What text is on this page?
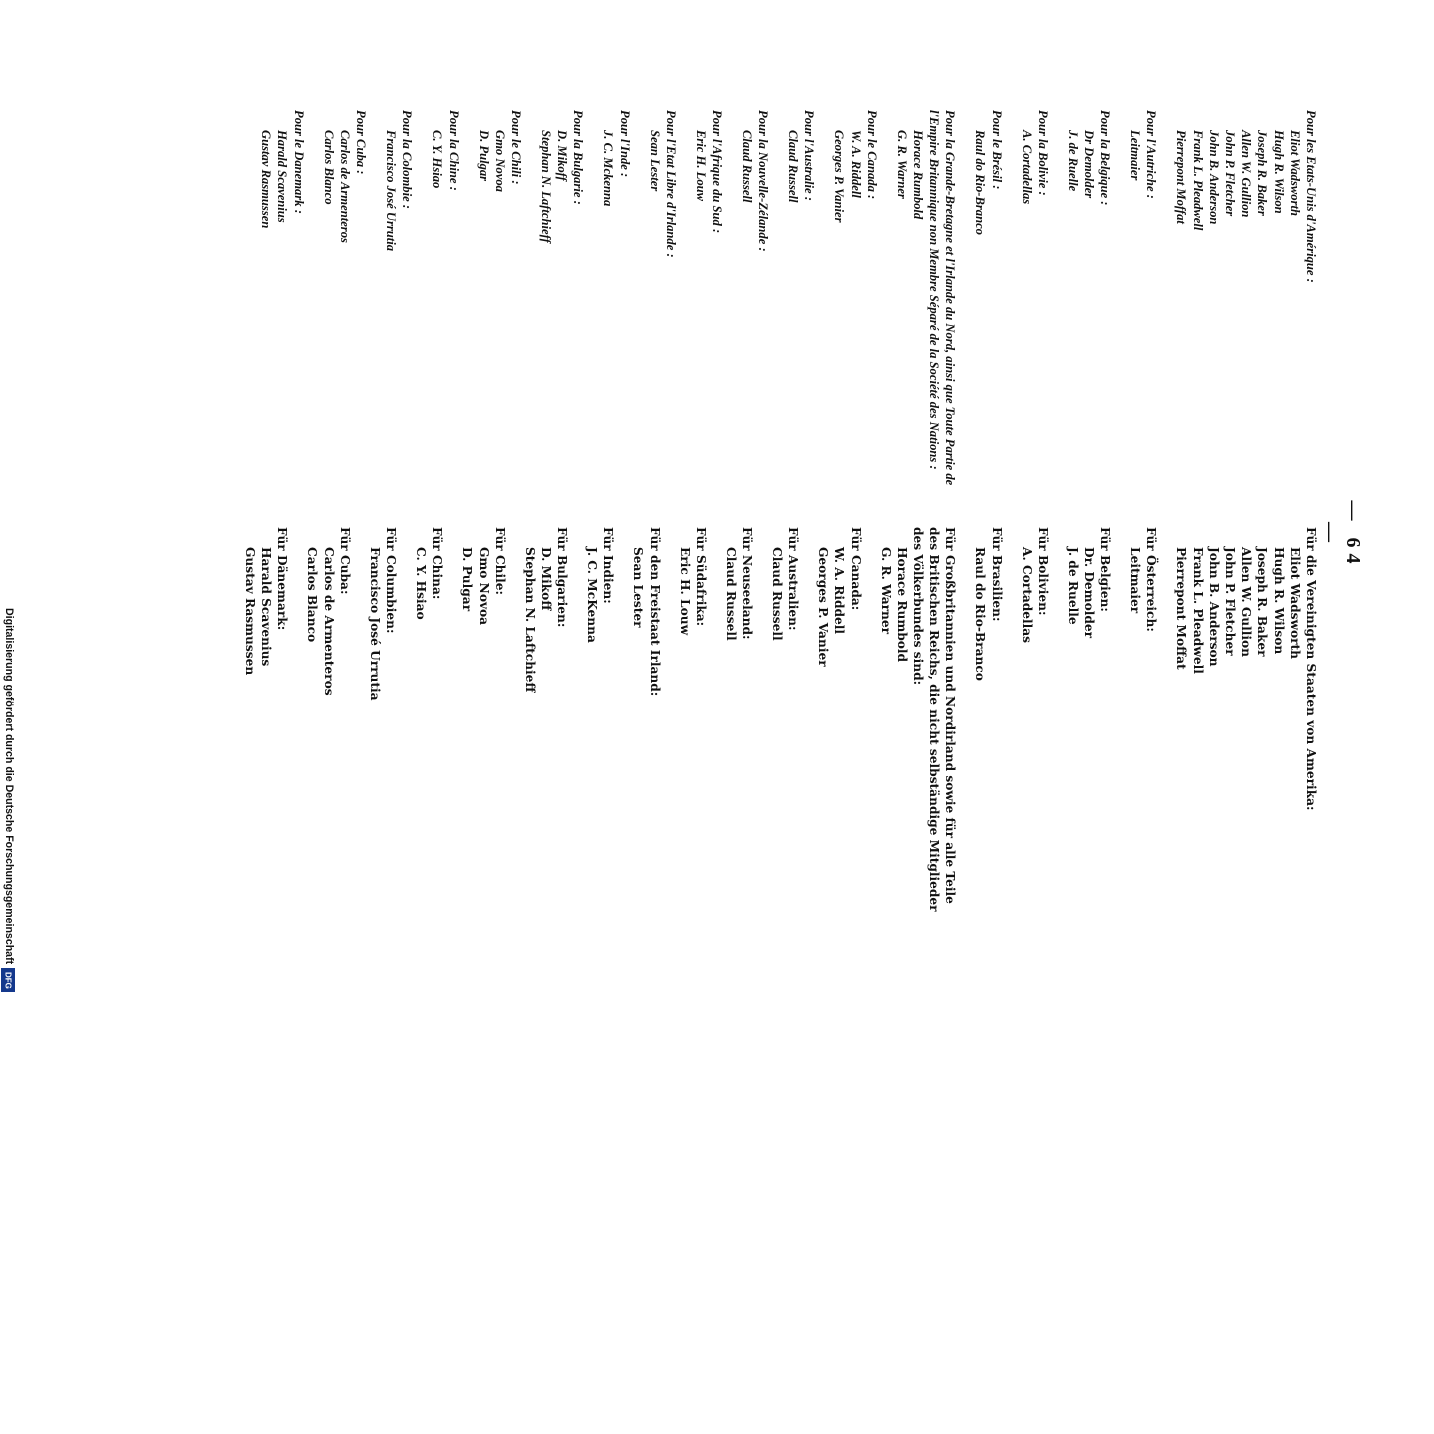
Pour les Etats-Unis d'Amérique :
Eliot Wadsworth
Hugh R. Wilson
Joseph R. Baker
Allen W. Gullion
John P. Fletcher
John B. Anderson
Frank L. Pleadwell
Pierrepont Moffat
Pour l'Autriche :
Leitmaier
Pour la Belgique :
Dr Demolder
J. de Ruelle
Pour la Bolivie :
A. Cortadellas
Pour le Brésil :
Raul do Rio-Branco
Pour la Grande-Bretagne et l'Irlande du Nord, ainsi que Toute Partie de l'Empire Britannique non Membre Séparé de la Société des Nations :
Horace Rumbold
G. R. Warner
Pour le Canada :
W. A. Riddell
Georges P. Vanier
Pour l'Australie :
Claud Russell
Pour la Nouvelle-Zélande :
Claud Russell
Pour l'Afrique du Sud :
Eric H. Louw
Pour l'Etat Libre d'Irlande :
Sean Lester
Pour l'Inde :
J. C. Mckenna
Pour la Bulgarie :
D. Mikoff
Stephan N. Laftchieff
Pour le Chili :
Gmo Novoa
D. Pulgar
Pour la Chine :
C. Y. Hsiao
Pour la Colombie :
Francisco José Urrutia
Pour Cuba :
Carlos de Armenteros
Carlos Blanco
Pour le Danemark :
Harald Scavenius
Gustav Rasmussen
— 64 —
Für die Vereinigten Staaten von Amerika:
Eliot Wadsworth
Hugh R. Wilson
Joseph R. Baker
Allen W. Gullion
John P. Fletcher
John B. Anderson
Frank L. Pleadwell
Pierrepont Moffat
Für Österreich:
Leitmaier
Für Belgien:
Dr. Demolder
J. de Ruelle
Für Bolivien:
A. Cortadellas
Für Brasilien:
Raul do Rio-Branco
Für Großbritannien und Nordirland sowie für alle Teile des Britischen Reichs, die nicht selbständige Mitglieder des Völkerbundes sind:
Horace Rumbold
G. R. Warner
Für Canada:
W. A. Riddell
Georges P. Vanier
Für Australien:
Claud Russell
Für Neuseeland:
Claud Russell
Für Südafrika:
Eric H. Louw
Für den Freistaat Irland:
Sean Lester
Für Indien:
J. C. McKenna
Für Bulgarien:
D. Mikoff
Stephan N. Laftchieff
Für Chile:
Gmo Novoa
D. Pulgar
Für China:
C. Y. Hsiao
Für Columbien:
Francisco José Urrutia
Für Cuba:
Carlos de Armenteros
Carlos Blanco
Für Dänemark:
Harald Scavenius
Gustav Rasmussen
Digitalisierung gefördert durch die Deutsche Forschungsgemeinschaft
DFG
